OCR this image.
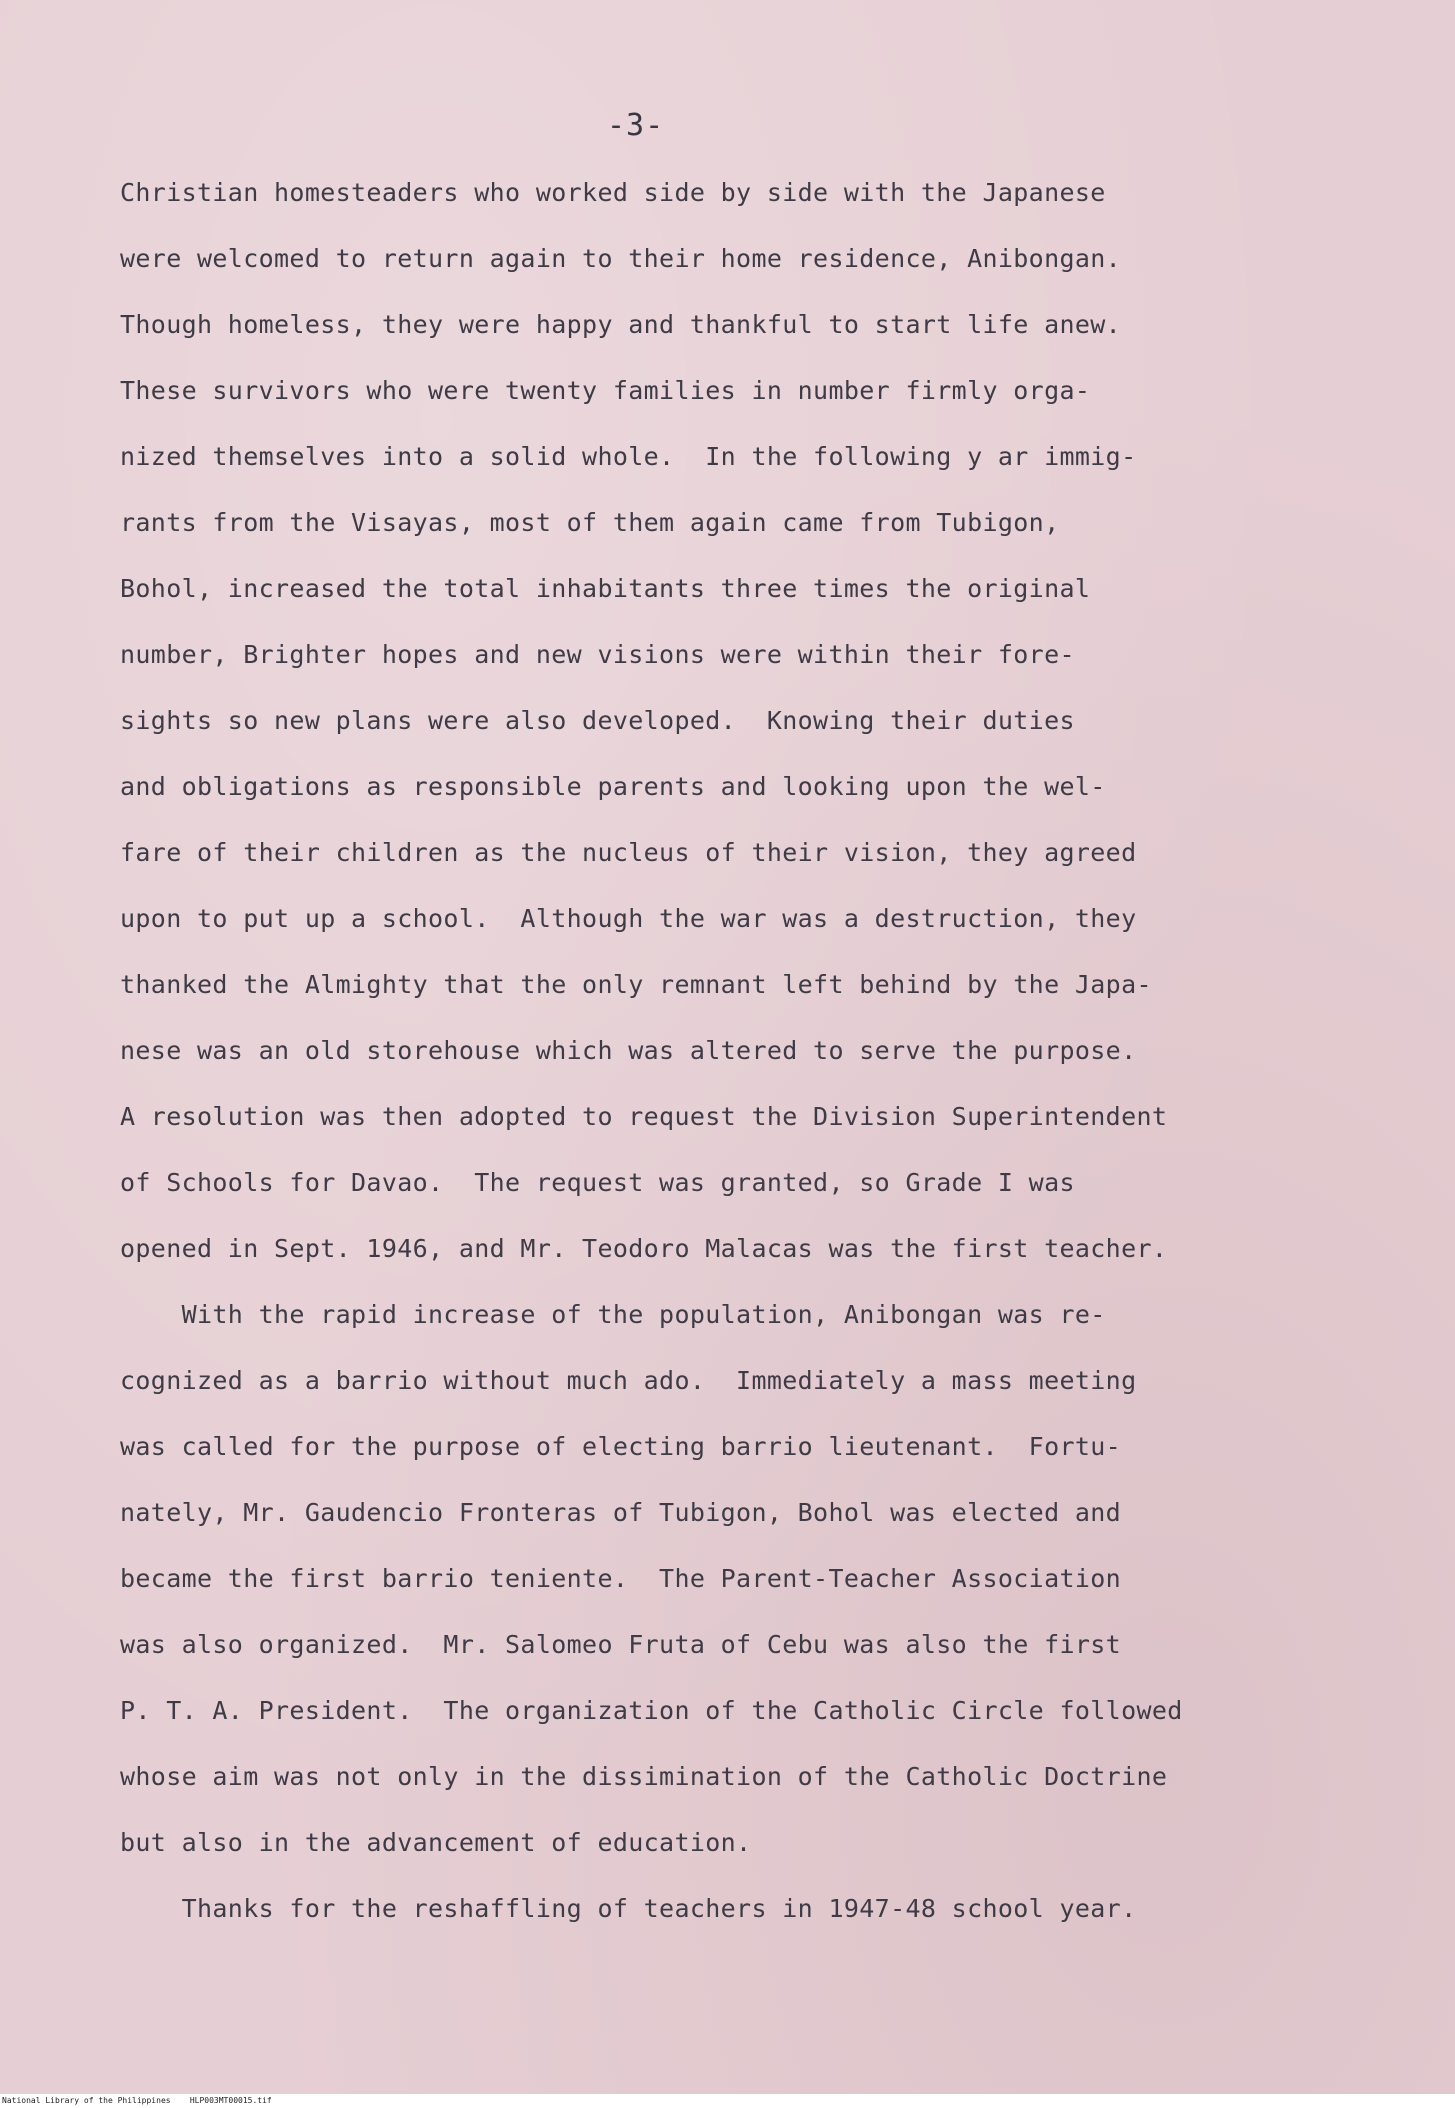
-3-
Christian homesteaders who worked side by side with the Japanese
were welcomed to return again to their home residence, Anibongan.
Though homeless, they were happy and thankful to start life anew.
These survivors who were twenty families in number firmly orga-
nized themselves into a solid whole.  In the following y ar immig-
rants from the Visayas, most of them again came from Tubigon,
Bohol, increased the total inhabitants three times the original
number, Brighter hopes and new visions were within their fore-
sights so new plans were also developed.  Knowing their duties
and obligations as responsible parents and looking upon the wel-
fare of their children as the nucleus of their vision, they agreed
upon to put up a school.  Although the war was a destruction, they
thanked the Almighty that the only remnant left behind by the Japa-
nese was an old storehouse which was altered to serve the purpose.
A resolution was then adopted to request the Division Superintendent
of Schools for Davao.  The request was granted, so Grade I was
opened in Sept. 1946, and Mr. Teodoro Malacas was the first teacher.
With the rapid increase of the population, Anibongan was re-
cognized as a barrio without much ado.  Immediately a mass meeting
was called for the purpose of electing barrio lieutenant.  Fortu-
nately, Mr. Gaudencio Fronteras of Tubigon, Bohol was elected and
became the first barrio teniente.  The Parent-Teacher Association
was also organized.  Mr. Salomeo Fruta of Cebu was also the first
P. T. A. President.  The organization of the Catholic Circle followed
whose aim was not only in the dissimination of the Catholic Doctrine
but also in the advancement of education.
Thanks for the reshaffling of teachers in 1947-48 school year.
National Library of the Philippines    HLP003MT00015.tif
